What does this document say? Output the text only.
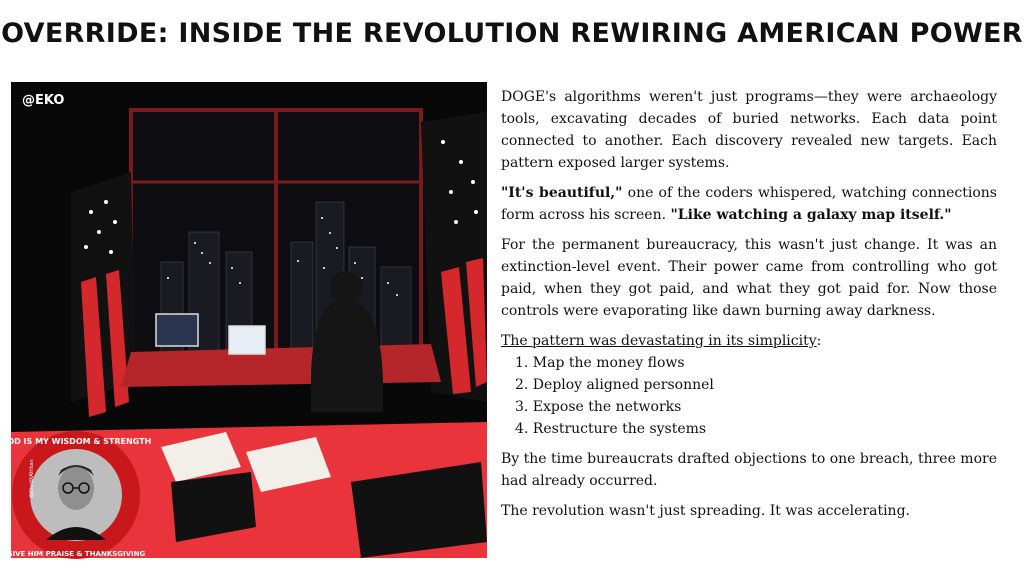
OVERRIDE: INSIDE THE REVOLUTION REWIRING AMERICAN POWER
@EKO
GOD IS MY WISDOM & STRENGTH
GIVE HIM PRAISE & THANKSGIVING
@DividXAfrikan

DOGE's algorithms weren't just programs—they were archaeology tools, excavating decades of buried networks. Each data point connected to another. Each discovery revealed new targets. Each pattern exposed larger systems.

"It's beautiful," one of the coders whispered, watching connections form across his screen. "Like watching a galaxy map itself."

For the permanent bureaucracy, this wasn't just change. It was an extinction-level event. Their power came from controlling who got paid, when they got paid, and what they got paid for. Now those controls were evaporating like dawn burning away darkness.

The pattern was devastating in its simplicity:

1. Map the money flows
2. Deploy aligned personnel
3. Expose the networks
4. Restructure the systems

By the time bureaucrats drafted objections to one breach, three more had already occurred.

The revolution wasn't just spreading. It was accelerating.
